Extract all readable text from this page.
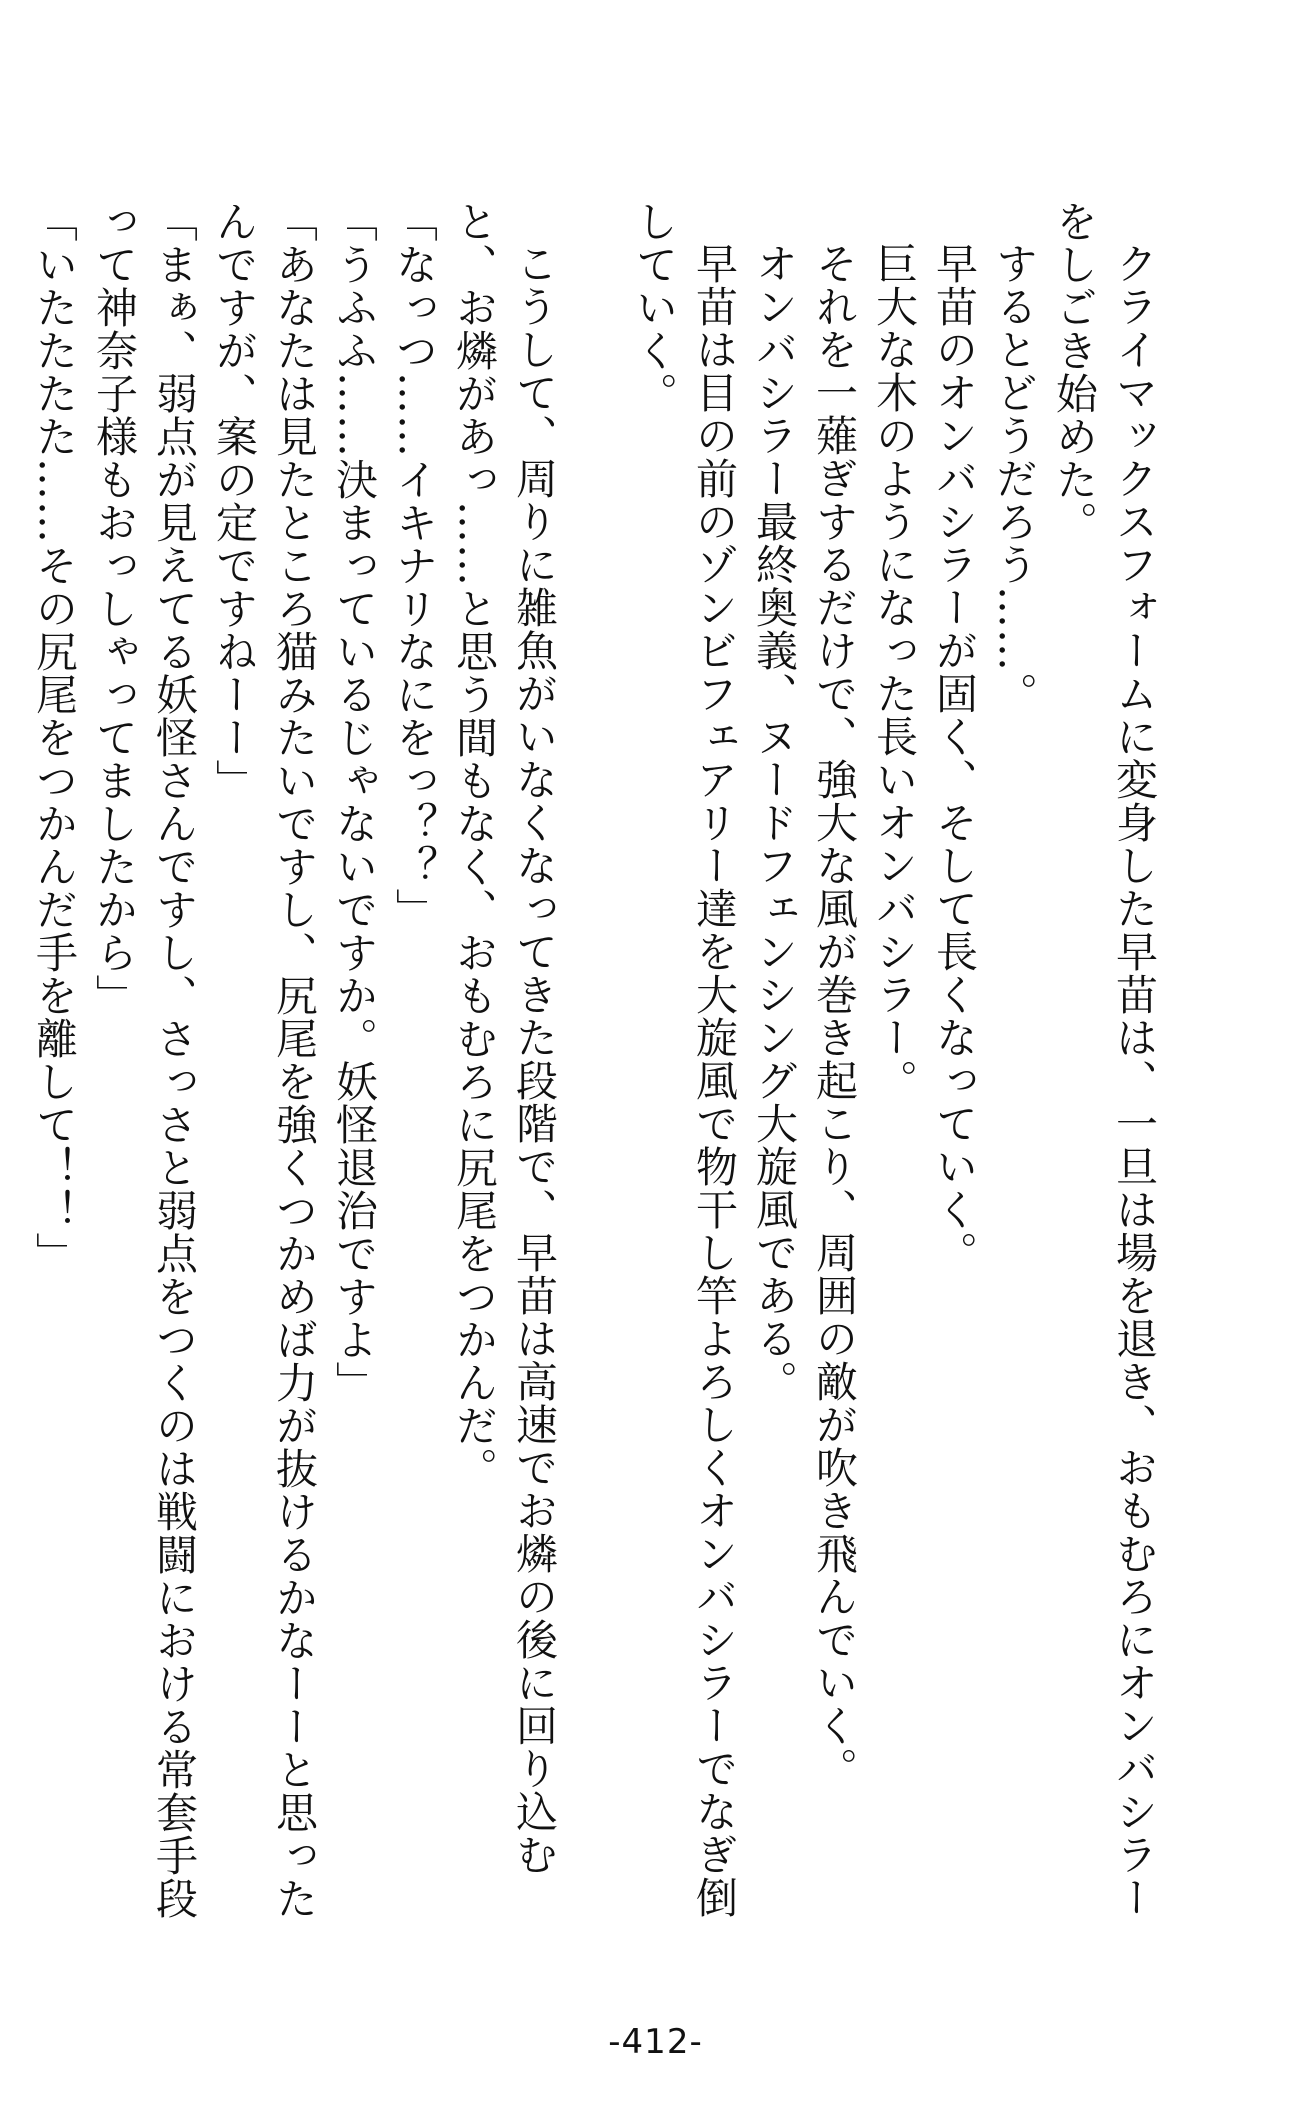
クライマックスフォームに変身した早苗は、一旦は場を退き、おもむろにオンバシラーをしごき始めた。

するとどうだろう……。

早苗のオンバシラーが固く、そして長くなっていく。

巨大な木のようになった長いオンバシラー。

それを一薙ぎするだけで、強大な風が巻き起こり、周囲の敵が吹き飛んでいく。

オンバシラー最終奥義、ヌードフェンシング大旋風である。

早苗は目の前のゾンビフェアリー達を大旋風で物干し竿よろしくオンバシラーでなぎ倒していく。

こうして、周りに雑魚がいなくなってきた段階で、早苗は高速でお燐の後に回り込むと、お燐があっ……と思う間もなく、おもむろに尻尾をつかんだ。

「なっつ……イキナリなにをっ？？」

「うふふ……決まっているじゃないですか。妖怪退治ですよ」

「あなたは見たところ猫みたいですし、尻尾を強くつかめば力が抜けるかなーーと思ったんですが、案の定ですねーー」

「まぁ、弱点が見えてる妖怪さんですし、さっさと弱点をつくのは戦闘における常套手段って神奈子様もおっしゃってましたから」

「いたたたた……その尻尾をつかんだ手を離して！！」

-412-
